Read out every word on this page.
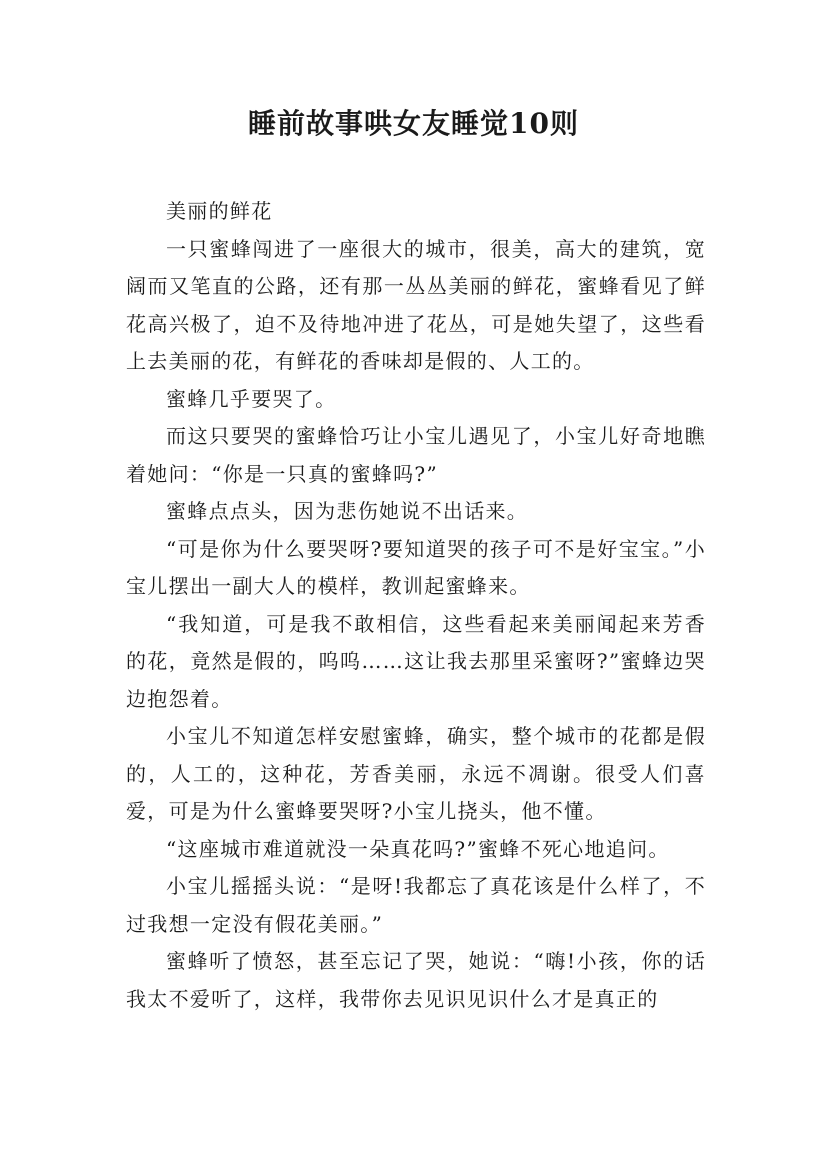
睡前故事哄女友睡觉10则

美丽的鲜花

一只蜜蜂闯进了一座很大的城市，很美，高大的建筑，宽阔而又笔直的公路，还有那一丛丛美丽的鲜花，蜜蜂看见了鲜花高兴极了，迫不及待地冲进了花丛，可是她失望了，这些看上去美丽的花，有鲜花的香味却是假的、人工的。

蜜蜂几乎要哭了。

而这只要哭的蜜蜂恰巧让小宝儿遇见了，小宝儿好奇地瞧着她问：“你是一只真的蜜蜂吗?”

蜜蜂点点头，因为悲伤她说不出话来。

“可是你为什么要哭呀?要知道哭的孩子可不是好宝宝。”小宝儿摆出一副大人的模样，教训起蜜蜂来。

“我知道，可是我不敢相信，这些看起来美丽闻起来芳香的花，竟然是假的，呜呜……这让我去那里采蜜呀?”蜜蜂边哭边抱怨着。

小宝儿不知道怎样安慰蜜蜂，确实，整个城市的花都是假的，人工的，这种花，芳香美丽，永远不凋谢。很受人们喜爱，可是为什么蜜蜂要哭呀?小宝儿挠头，他不懂。

“这座城市难道就没一朵真花吗?”蜜蜂不死心地追问。

小宝儿摇摇头说：“是呀!我都忘了真花该是什么样了，不过我想一定没有假花美丽。”

蜜蜂听了愤怒，甚至忘记了哭，她说：“嗨!小孩，你的话我太不爱听了，这样，我带你去见识见识什么才是真正的
